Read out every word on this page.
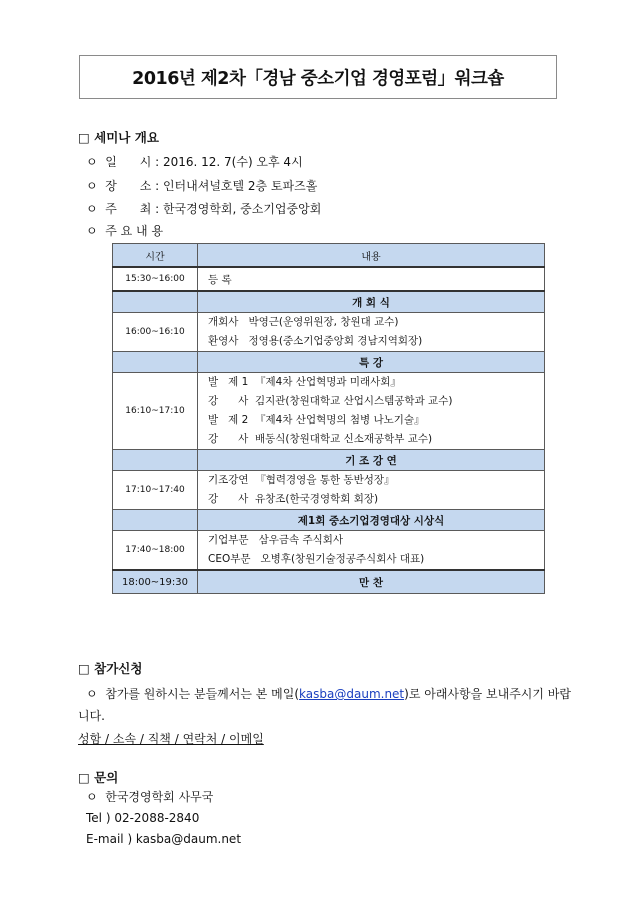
2016년 제2차「경남 중소기업 경영포럼」워크숍
□ 세미나 개요
ㅇ  일      시 : 2016. 12. 7(수) 오후 4시
ㅇ  장      소 : 인터내셔널호텔 2층 토파즈홀
ㅇ  주      최 : 한국경영학회, 중소기업중앙회
ㅇ  주 요 내 용
시간	내용
15:30~16:00	등 록
	개 회 식
16:00~16:10	개회사   박영근(운영위원장, 창원대 교수)
환영사   정영용(중소기업중앙회 경남지역회장)

	특 강
16:10~17:10	발   제 1  『제4차 산업혁명과 미래사회』
강      사  김지관(창원대학교 산업시스템공학과 교수)
발   제 2  『제4차 산업혁명의 첨병 나노기술』
강      사  배동식(창원대학교 신소재공학부 교수)

	기 조 강 연
17:10~17:40	기조강연  『협력경영을 통한 동반성장』
강      사  유창조(한국경영학회 회장)

	제1회 중소기업경영대상 시상식
17:40~18:00	기업부문   삼우금속 주식회사
CEO부문   오병후(창원기술정공주식회사 대표)

18:00~19:30	만 찬
□ 참가신청
ㅇ  참가를 원하시는 분들께서는 본 메일(kasba@daum.net)로 아래사항을 보내주시기 바랍
니다.
성함 / 소속 / 직책 / 연락처 / 이메일
□ 문의
ㅇ  한국경영학회 사무국
Tel ) 02-2088-2840
E-mail ) kasba@daum.net
